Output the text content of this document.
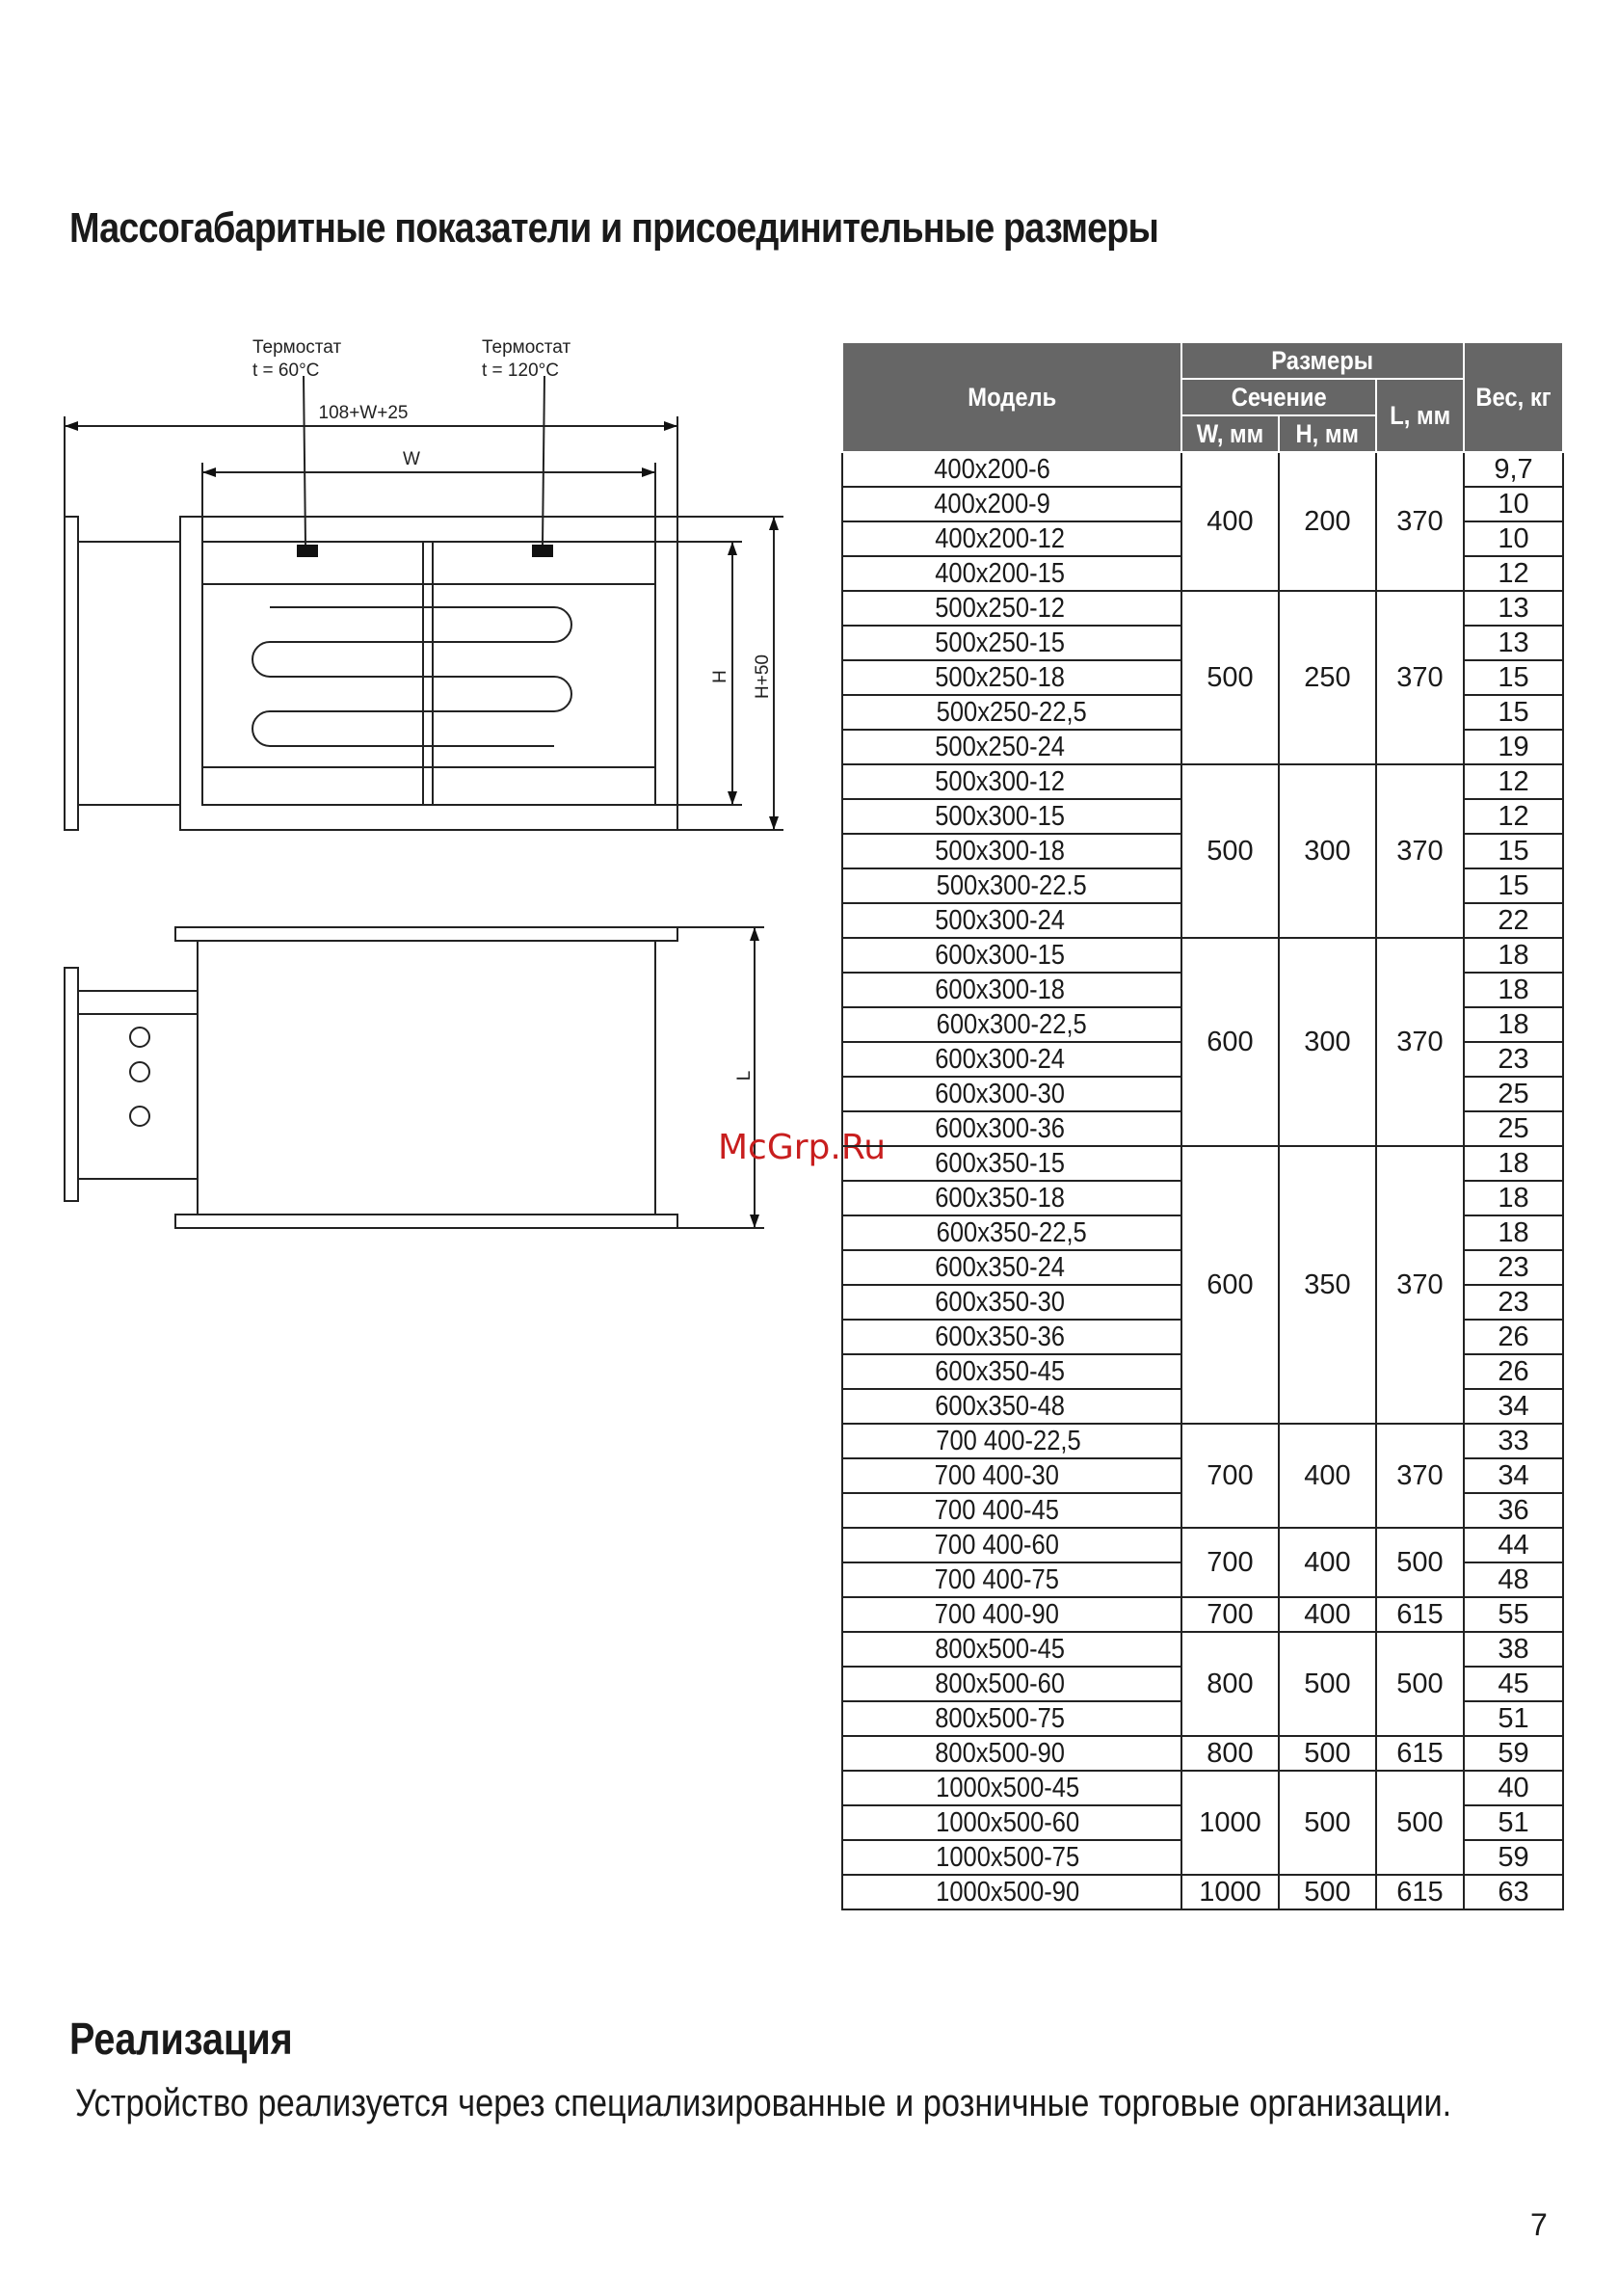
Массогабаритные показатели и присоединительные размеры
Термостат
t = 60°C
Термостат
t = 120°C
108+W+25
W
H H+50
L
McGrp.Ru
Модель	Размеры			Вес, кг
	Сечение		L, мм	
	W, мм	H, мм		
400x200-6	400	200	370	9,7
400x200-9				10
400x200-12				10
400x200-15				12
500x250-12	500	250	370	13
500x250-15				13
500x250-18				15
500x250-22,5				15
500x250-24				19
500x300-12	500	300	370	12
500x300-15				12
500x300-18				15
500x300-22.5				15
500x300-24				22
600x300-15	600	300	370	18
600x300-18				18
600x300-22,5				18
600x300-24				23
600x300-30				25
600x300-36				25
600x350-15	600	350	370	18
600x350-18				18
600x350-22,5				18
600x350-24				23
600x350-30				23
600x350-36				26
600x350-45				26
600x350-48				34
700 400-22,5	700	400	370	33
700 400-30				34
700 400-45				36
700 400-60	700	400	500	44
700 400-75				48
700 400-90	700	400	615	55
800x500-45	800	500	500	38
800x500-60				45
800x500-75				51
800x500-90	800	500	615	59
1000x500-45	1000	500	500	40
1000x500-60				51
1000x500-75				59
1000x500-90	1000	500	615	63
Реализация
Устройство реализуется через специализированные и розничные торговые организации.
7
